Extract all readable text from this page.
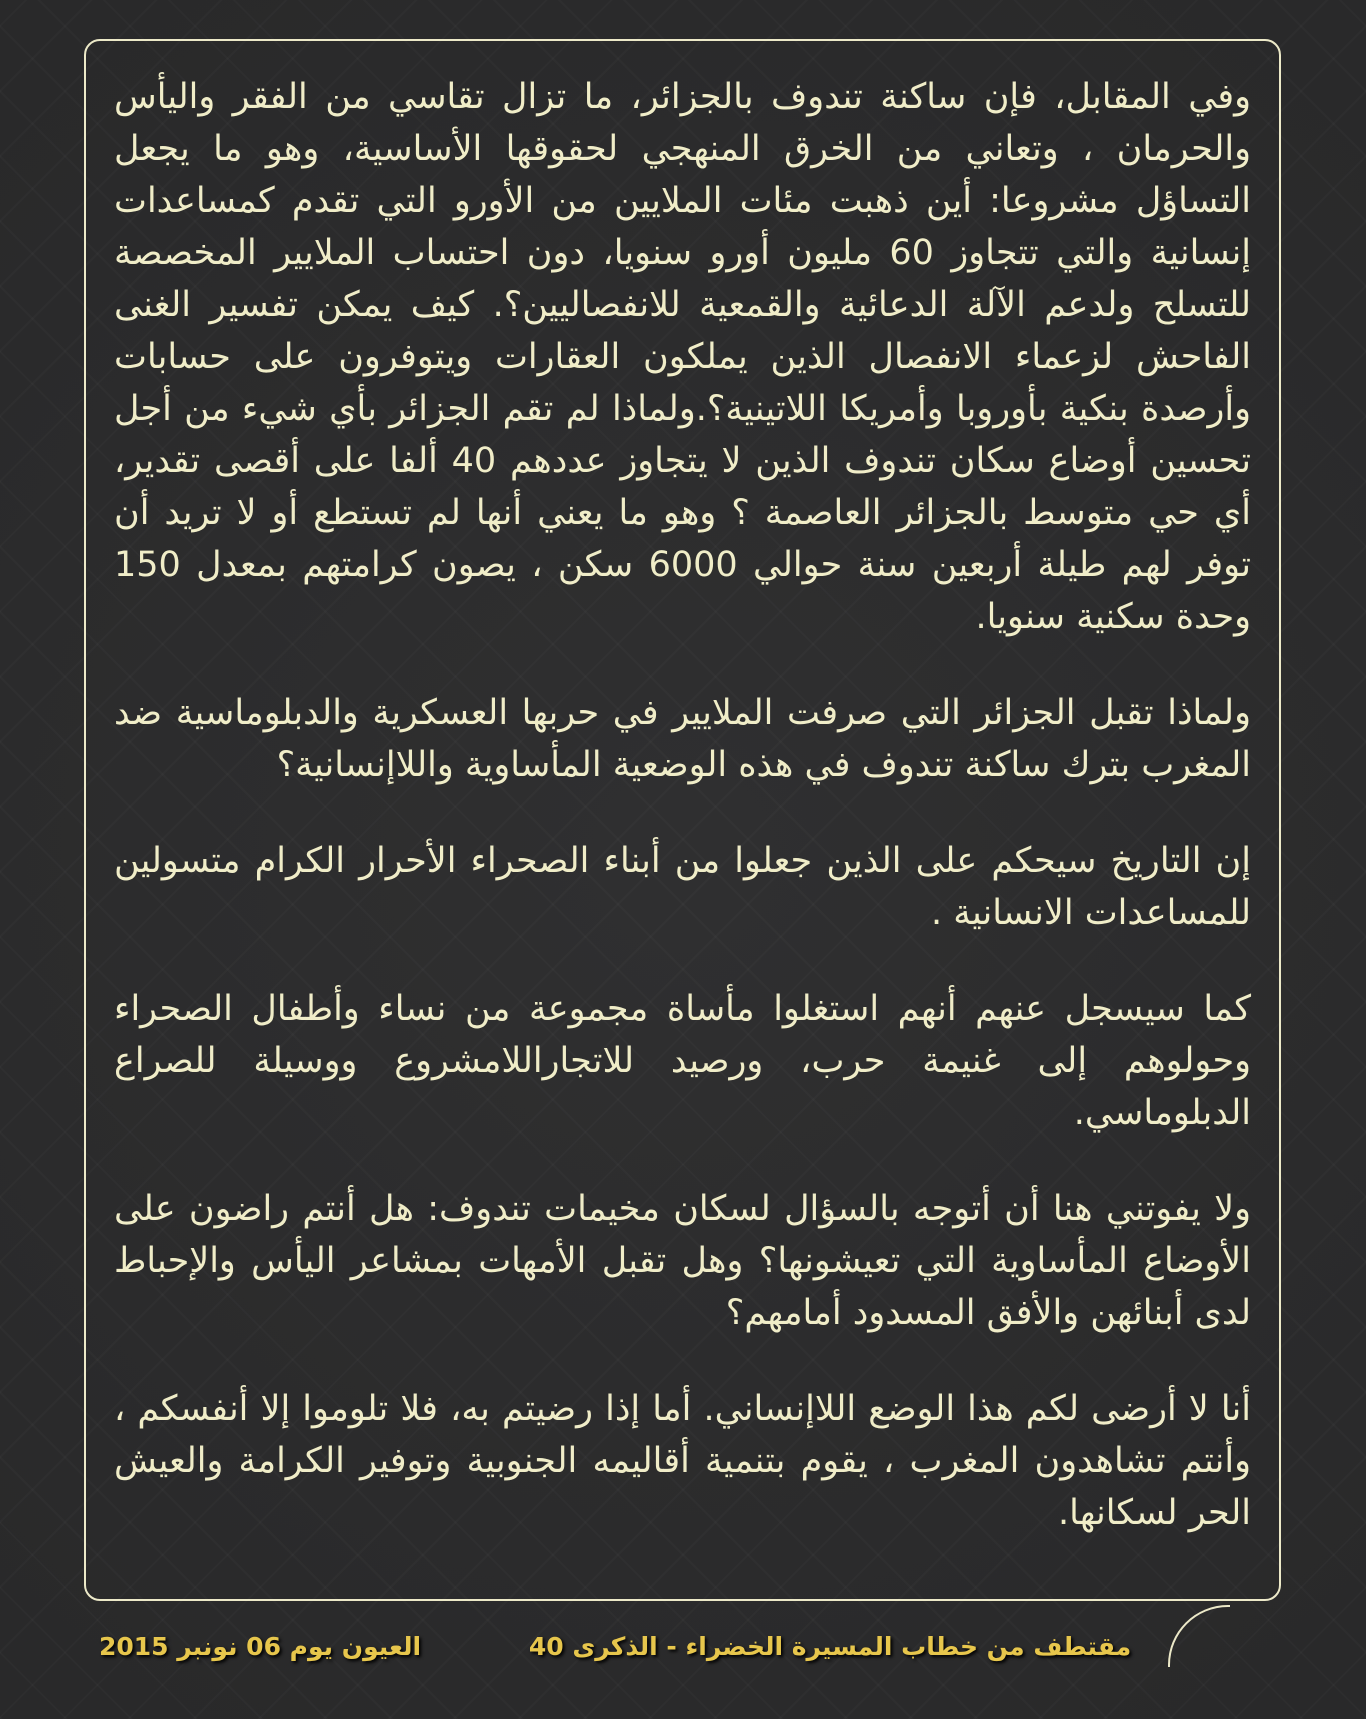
وفي المقابل، فإن ساكنة تندوف بالجزائر، ما تزال تقاسي من الفقر واليأس والحرمان ، وتعاني من الخرق المنهجي لحقوقها الأساسية، وهو ما يجعل التساؤل مشروعا: أين ذهبت مئات الملايين من الأورو التي تقدم كمساعدات إنسانية والتي تتجاوز 60 مليون أورو سنويا، دون احتساب الملايير المخصصة للتسلح ولدعم الآلة الدعائية والقمعية للانفصاليين؟. كيف يمكن تفسير الغنى الفاحش لزعماء الانفصال الذين يملكون العقارات ويتوفرون على حسابات وأرصدة بنكية بأوروبا وأمريكا اللاتينية؟.ولماذا لم تقم الجزائر بأي شيء من أجل تحسين أوضاع سكان تندوف الذين لا يتجاوز عددهم 40 ألفا على أقصى تقدير، أي حي متوسط بالجزائر العاصمة ؟ وهو ما يعني أنها لم تستطع أو لا تريد أن توفر لهم طيلة أربعين سنة حوالي 6000 سكن ، يصون كرامتهم بمعدل 150 وحدة سكنية سنويا.

ولماذا تقبل الجزائر التي صرفت الملايير في حربها العسكرية والدبلوماسية ضد المغرب بترك ساكنة تندوف في هذه الوضعية المأساوية واللاإنسانية؟

إن التاريخ سيحكم على الذين جعلوا من أبناء الصحراء الأحرار الكرام متسولين للمساعدات الانسانية .

كما سيسجل عنهم أنهم استغلوا مأساة مجموعة من نساء وأطفال الصحراء وحولوهم إلى غنيمة حرب، ورصيد للاتجاراللامشروع ووسيلة للصراع الدبلوماسي.

ولا يفوتني هنا أن أتوجه بالسؤال لسكان مخيمات تندوف: هل أنتم راضون على الأوضاع المأساوية التي تعيشونها؟ وهل تقبل الأمهات بمشاعر اليأس والإحباط لدى أبنائهن والأفق المسدود أمامهم؟

أنا لا أرضى لكم هذا الوضع اللاإنساني. أما إذا رضيتم به، فلا تلوموا إلا أنفسكم ، وأنتم تشاهدون المغرب ، يقوم بتنمية أقاليمه الجنوبية وتوفير الكرامة والعيش الحر لسكانها.

مقتطف من خطاب المسيرة الخضراء - الذكرى 40
العيون يوم 06 نونبر 2015
